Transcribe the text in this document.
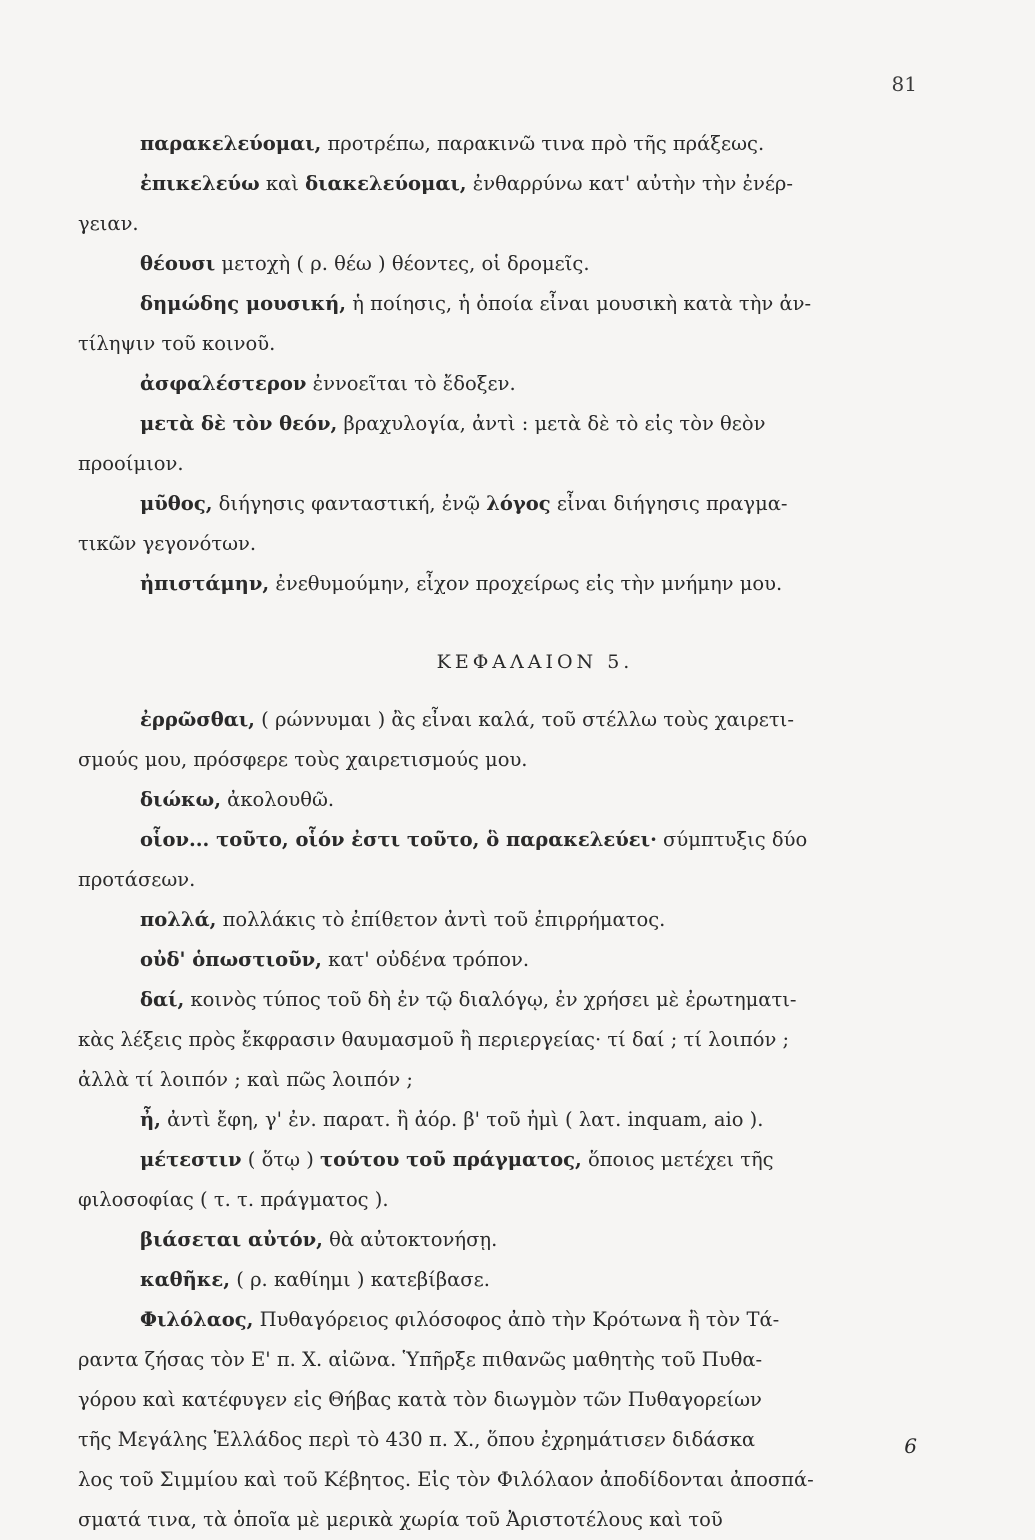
81
παρακελεύομαι, προτρέπω, παρακινῶ τινα πρὸ τῆς πράξεως.
ἐπικελεύω καὶ διακελεύομαι, ἐνθαρρύνω κατ' αὐτὴν τὴν ἐνέρ-
γειαν.
θέουσι μετοχὴ ( ρ. θέω ) θέοντες, οἱ δρομεῖς.
δημώδης μουσική, ἡ ποίησις, ἡ ὁποία εἶναι μουσικὴ κατὰ τὴν ἀν-
τίληψιν τοῦ κοινοῦ.
ἀσφαλέστερον ἐννοεῖται τὸ ἔδοξεν.
μετὰ δὲ τὸν θεόν, βραχυλογία, ἀντὶ : μετὰ δὲ τὸ εἰς τὸν θεὸν
προοίμιον.
μῦθος, διήγησις φανταστική, ἐνῷ λόγος εἶναι διήγησις πραγμα-
τικῶν γεγονότων.
ἠπιστάμην, ἐνεθυμούμην, εἶχον προχείρως εἰς τὴν μνήμην μου.
ΚΕΦΑΛΑΙΟΝ 5.
ἐρρῶσθαι, ( ρώννυμαι ) ἂς εἶναι καλά, τοῦ στέλλω τοὺς χαιρετι-
σμούς μου, πρόσφερε τοὺς χαιρετισμούς μου.
διώκω, ἀκολουθῶ.
οἷον... τοῦτο, οἷόν ἐστι τοῦτο, ὃ παρακελεύει· σύμπτυξις δύο
προτάσεων.
πολλά, πολλάκις τὸ ἐπίθετον ἀντὶ τοῦ ἐπιρρήματος.
οὐδ' ὁπωστιοῦν, κατ' οὐδένα τρόπον.
δαί, κοινὸς τύπος τοῦ δὴ ἐν τῷ διαλόγῳ, ἐν χρήσει μὲ ἐρωτηματι-
κὰς λέξεις πρὸς ἔκφρασιν θαυμασμοῦ ἢ περιεργείας· τί δαί ; τί λοιπόν ;
ἀλλὰ τί λοιπόν ; καὶ πῶς λοιπόν ;
ἦ, ἀντὶ ἔφη, γ' ἐν. παρατ. ἢ ἀόρ. β' τοῦ ἠμὶ ( λατ. inquam, aio ).
μέτεστιν ( ὅτῳ ) τούτου τοῦ πράγματος, ὅποιος μετέχει τῆς
φιλοσοφίας ( τ. τ. πράγματος ).
βιάσεται αὐτόν, θὰ αὐτοκτονήσῃ.
καθῆκε, ( ρ. καθίημι ) κατεβίβασε.
Φιλόλαος, Πυθαγόρειος φιλόσοφος ἀπὸ τὴν Κρότωνα ἢ τὸν Τά-
ραντα ζήσας τὸν Ε' π. Χ. αἰῶνα. Ὑπῆρξε πιθανῶς μαθητὴς τοῦ Πυθα-
γόρου καὶ κατέφυγεν εἰς Θήβας κατὰ τὸν διωγμὸν τῶν Πυθαγορείων
τῆς Μεγάλης Ἑλλάδος περὶ τὸ 430 π. Χ., ὅπου ἐχρημάτισεν διδάσκα
λος τοῦ Σιμμίου καὶ τοῦ Κέβητος. Εἰς τὸν Φιλόλαον ἀποδίδονται ἀποσπά-
σματά τινα, τὰ ὁποῖα μὲ μερικὰ χωρία τοῦ Ἀριστοτέλους καὶ τοῦ
6
